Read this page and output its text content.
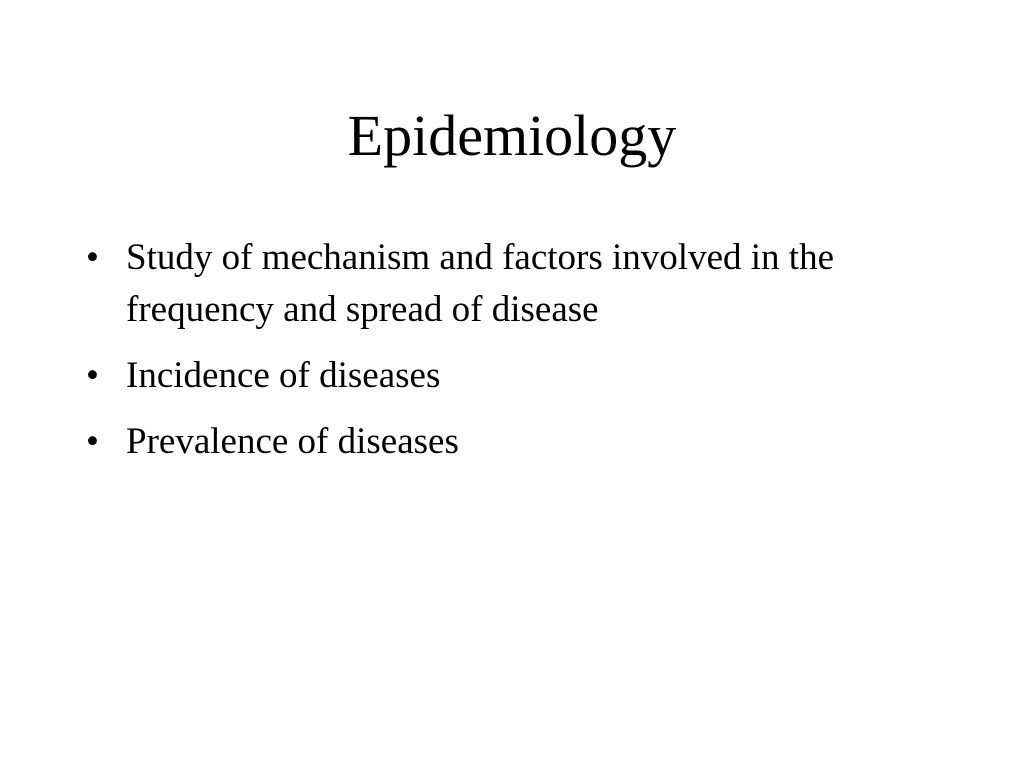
Epidemiology
• Study of mechanism and factors involved in the frequency and spread of disease
• Incidence of diseases
• Prevalence of diseases
